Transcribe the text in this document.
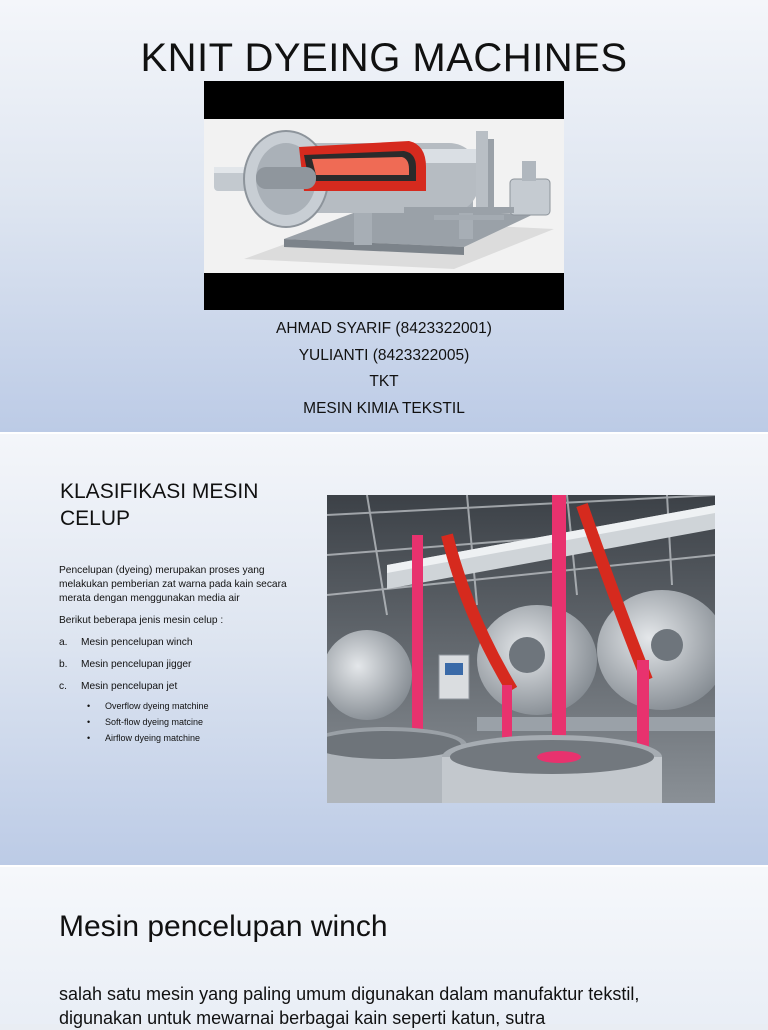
KNIT DYEING MACHINES
AHMAD SYARIF (8423322001)
YULIANTI (8423322005)
TKT
MESIN KIMIA TEKSTIL
KLASIFIKASI MESIN CELUP

Pencelupan (dyeing) merupakan proses yang melakukan pemberian zat warna pada kain secara merata dengan menggunakan media air

Berikut beberapa jenis mesin celup :

a.	Mesin pencelupan winch
b.	Mesin pencelupan jigger
c.	Mesin pencelupan jet
• Overflow dyeing matchine
• Soft-flow dyeing matcine
• Airflow dyeing matchine
Mesin pencelupan winch
salah satu mesin yang paling umum digunakan dalam manufaktur tekstil, digunakan untuk mewarnai berbagai kain seperti katun, sutra
